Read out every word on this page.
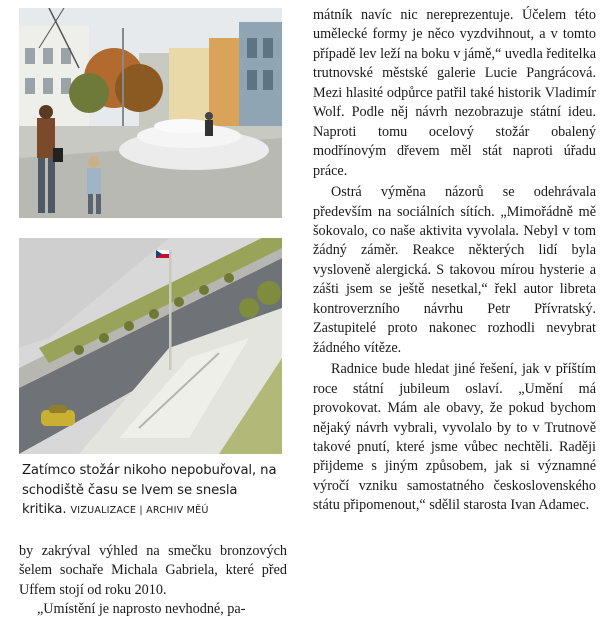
Zatímco stožár nikoho nepobuřoval, na schodiště času se lvem se snesla kritika. VIZUALIZACE | ARCHIV MĚÚ

by zakrýval výhled na smečku bronzových šelem sochaře Michala Gabriela, které před Uffem stojí od roku 2010.

„Umístění je naprosto nevhodné, pa-

mátník navíc nic nereprezentuje. Účelem této umělecké formy je něco vyzdvihnout, a v tomto případě lev leží na boku v jámě,“ uvedla ředitelka trutnovské městské galerie Lucie Pangrácová. Mezi hlasité odpůrce patřil také historik Vladimír Wolf. Podle něj návrh nezobrazuje státní ideu. Naproti tomu ocelový stožár obalený modřínovým dřevem měl stát naproti úřadu práce.

Ostrá výměna názorů se odehrávala především na sociálních sítích. „Mimořádně mě šokovalo, co naše aktivita vyvolala. Nebyl v tom žádný záměr. Reakce některých lidí byla vysloveně alergická. S takovou mírou hysterie a zášti jsem se ještě nesetkal,“ řekl autor libreta kontroverzního návrhu Petr Přívratský. Zastupitelé proto nakonec rozhodli nevybrat žádného vítěze.

Radnice bude hledat jiné řešení, jak v příštím roce státní jubileum oslaví. „Umění má provokovat. Mám ale obavy, že pokud bychom nějaký návrh vybrali, vyvolalo by to v Trutnově takové pnutí, které jsme vůbec nechtěli. Raději přijdeme s jiným způsobem, jak si významné výročí vzniku samostatného československého státu připomenout,“ sdělil starosta Ivan Adamec.
